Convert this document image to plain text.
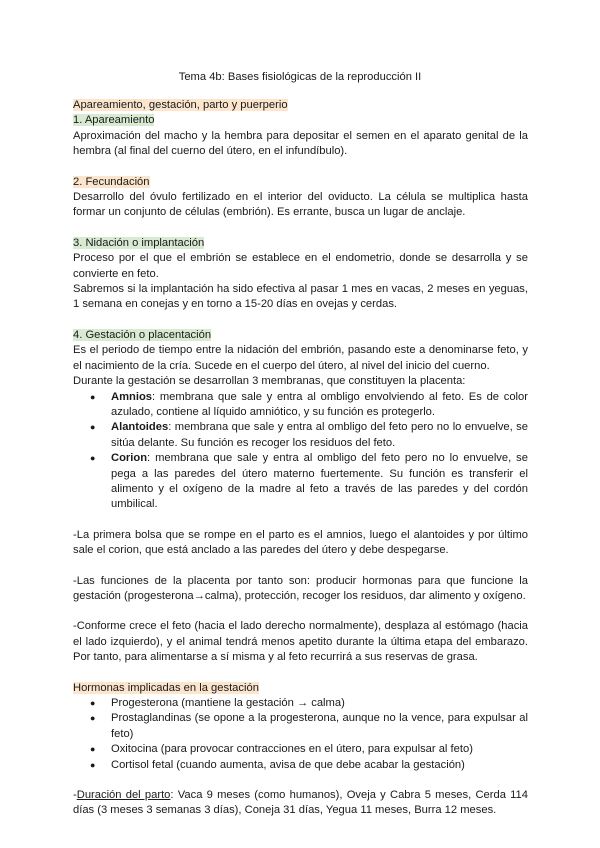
Tema 4b: Bases fisiológicas de la reproducción II

Apareamiento, gestación, parto y puerperio

1. Apareamiento

Aproximación del macho y la hembra para depositar el semen en el aparato genital de la hembra (al final del cuerno del útero, en el infundíbulo).

2. Fecundación

Desarrollo del óvulo fertilizado en el interior del oviducto. La célula se multiplica hasta formar un conjunto de células (embrión). Es errante, busca un lugar de anclaje.

3. Nidación o implantación

Proceso por el que el embrión se establece en el endometrio, donde se desarrolla y se convierte en feto.

Sabremos si la implantación ha sido efectiva al pasar 1 mes en vacas, 2 meses en yeguas, 1 semana en conejas y en torno a 15-20 días en ovejas y cerdas.

4. Gestación o placentación

Es el periodo de tiempo entre la nidación del embrión, pasando este a denominarse feto, y el nacimiento de la cría. Sucede en el cuerpo del útero, al nivel del inicio del cuerno.

Durante la gestación se desarrollan 3 membranas, que constituyen la placenta:

● Amnios: membrana que sale y entra al ombligo envolviendo al feto. Es de color azulado, contiene al líquido amniótico, y su función es protegerlo.
● Alantoides: membrana que sale y entra al ombligo del feto pero no lo envuelve, se sitúa delante. Su función es recoger los residuos del feto.
● Corion: membrana que sale y entra al ombligo del feto pero no lo envuelve, se pega a las paredes del útero materno fuertemente. Su función es transferir el alimento y el oxígeno de la madre al feto a través de las paredes y del cordón umbilical.

-La primera bolsa que se rompe en el parto es el amnios, luego el alantoides y por último sale el corion, que está anclado a las paredes del útero y debe despegarse.

-Las funciones de la placenta por tanto son: producir hormonas para que funcione la gestación (progesterona→calma), protección, recoger los residuos, dar alimento y oxígeno.

-Conforme crece el feto (hacia el lado derecho normalmente), desplaza al estómago (hacia el lado izquierdo), y el animal tendrá menos apetito durante la última etapa del embarazo. Por tanto, para alimentarse a sí misma y al feto recurrirá a sus reservas de grasa.

Hormonas implicadas en la gestación

● Progesterona (mantiene la gestación → calma)
● Prostaglandinas (se opone a la progesterona, aunque no la vence, para expulsar al feto)
● Oxitocina (para provocar contracciones en el útero, para expulsar al feto)
● Cortisol fetal (cuando aumenta, avisa de que debe acabar la gestación)

-Duración del parto: Vaca 9 meses (como humanos), Oveja y Cabra 5 meses, Cerda 114 días (3 meses 3 semanas 3 días), Coneja 31 días, Yegua 11 meses, Burra 12 meses.
